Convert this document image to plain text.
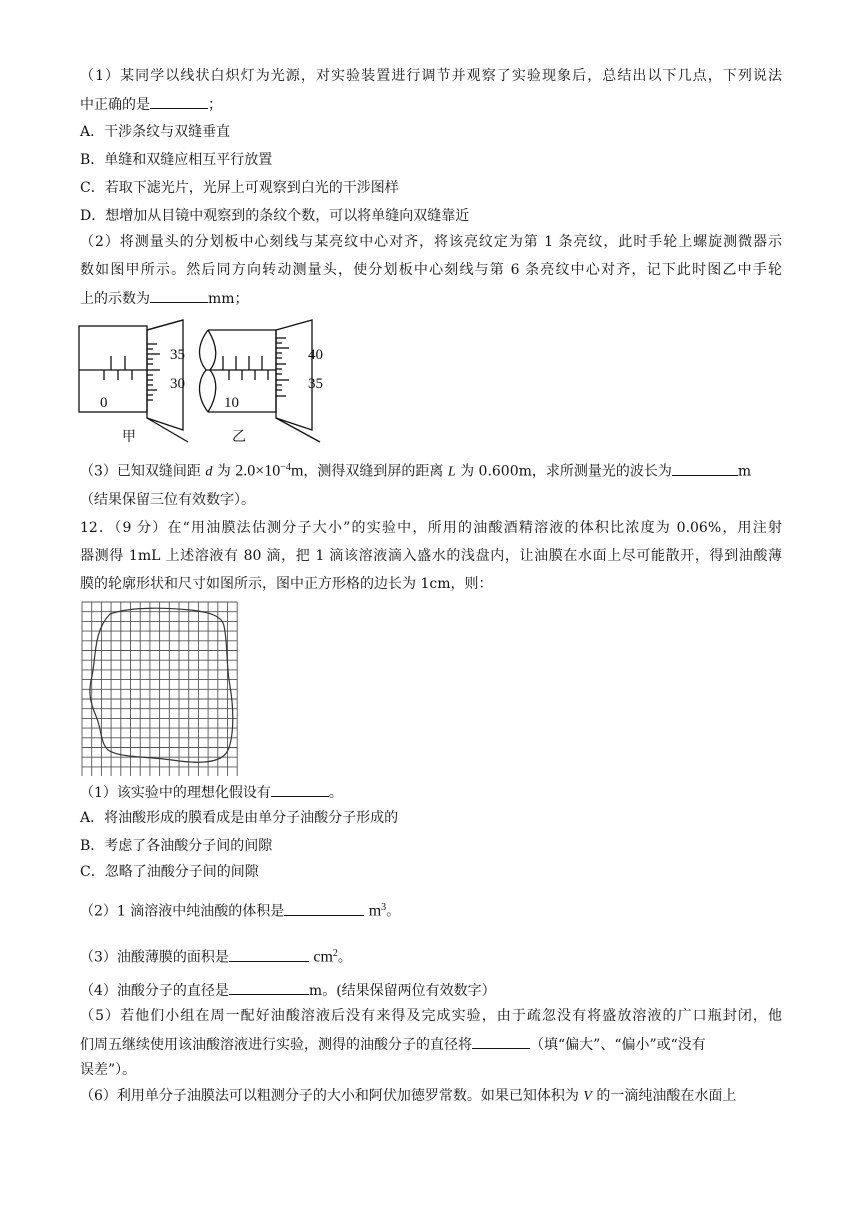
（1）某同学以线状白炽灯为光源，对实验装置进行调节并观察了实验现象后，总结出以下几点，下列说法
中正确的是	；
A．干涉条纹与双缝垂直
B．单缝和双缝应相互平行放置
C．若取下滤光片，光屏上可观察到白光的干涉图样
D．想增加从目镜中观察到的条纹个数，可以将单缝向双缝靠近
（2）将测量头的分划板中心刻线与某亮纹中心对齐，将该亮纹定为第 1 条亮纹，此时手轮上螺旋测微器示
数如图甲所示。然后同方向转动测量头，使分划板中心刻线与第 6 条亮纹中心对齐，记下此时图乙中手轮
上的示数为	mm；
35
30
0
40
35
10
甲	乙
（3）已知双缝间距 d 为 $2.0\times 10^{-4}m$，测得双缝到屏的距离 L 为 0.600m，求所测量光的波长为	m
（结果保留三位有效数字）。
12．（9 分）在“用油膜法估测分子大小”的实验中，所用的油酸酒精溶液的体积比浓度为 0.06%，用注射
器测得 1mL 上述溶液有 80 滴，把 1 滴该溶液滴入盛水的浅盘内，让油膜在水面上尽可能散开，得到油酸薄
膜的轮廓形状和尺寸如图所示，图中正方形格的边长为 1cm，则：
（1）该实验中的理想化假设有	。
A．将油酸形成的膜看成是由单分子油酸分子形成的
B．考虑了各油酸分子间的间隙
C．忽略了油酸分子间的间隙
（2）1 滴溶液中纯油酸的体积是	$m^3$。
（3）油酸薄膜的面积是	$cm^2$。
（4）油酸分子的直径是	m。(结果保留两位有效数字）
（5）若他们小组在周一配好油酸溶液后没有来得及完成实验，由于疏忽没有将盛放溶液的广口瓶封闭，他
们周五继续使用该油酸溶液进行实验，测得的油酸分子的直径将	（填“偏大”、“偏小”或“没有
误差”）。
（6）利用单分子油膜法可以粗测分子的大小和阿伏加德罗常数。如果已知体积为 V 的一滴纯油酸在水面上
